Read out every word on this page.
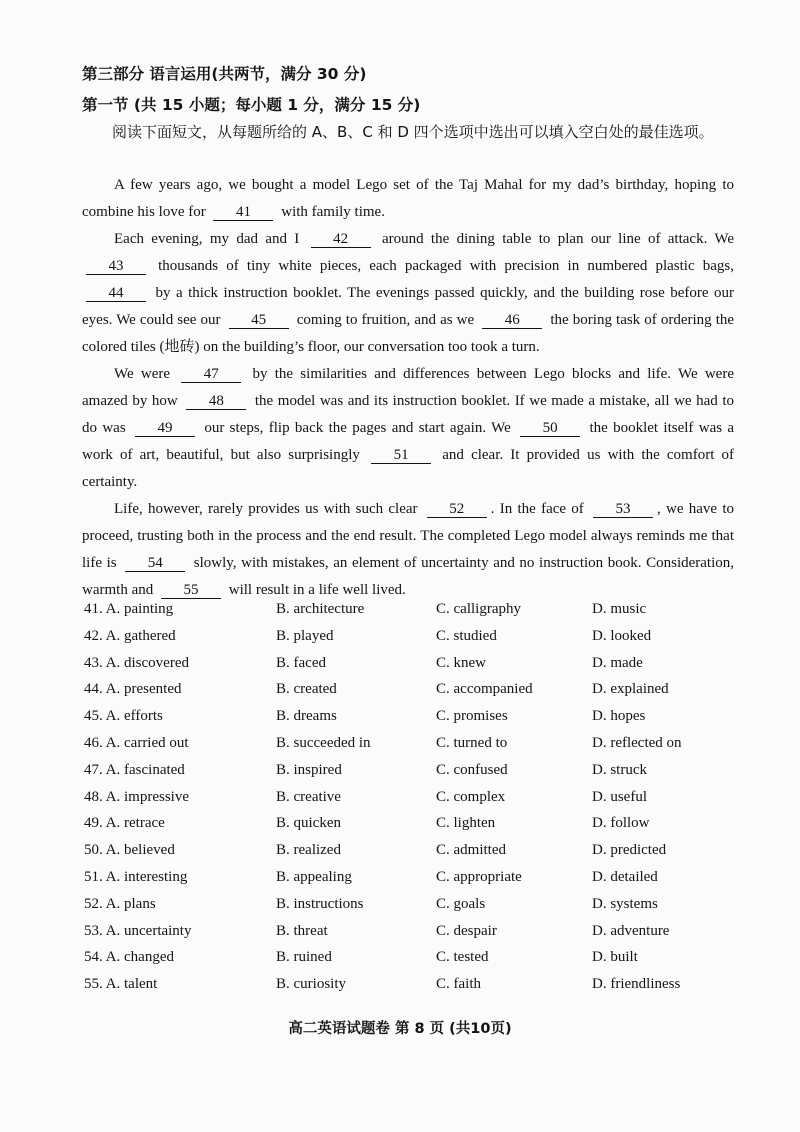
第三部分 语言运用(共两节，满分 30 分)
第一节 (共 15 小题；每小题 1 分，满分 15 分)
阅读下面短文，从每题所给的 A、B、C 和 D 四个选项中选出可以填入空白处的最佳选项。

A few years ago, we bought a model Lego set of the Taj Mahal for my dad’s birthday, hoping to combine his love for 41 with family time.

Each evening, my dad and I 42 around the dining table to plan our line of attack. We 43 thousands of tiny white pieces, each packaged with precision in numbered plastic bags, 44 by a thick instruction booklet. The evenings passed quickly, and the building rose before our eyes. We could see our 45 coming to fruition, and as we 46 the boring task of ordering the colored tiles (地砖) on the building’s floor, our conversation too took a turn.

We were 47 by the similarities and differences between Lego blocks and life. We were amazed by how 48 the model was and its instruction booklet. If we made a mistake, all we had to do was 49 our steps, flip back the pages and start again. We 50 the booklet itself was a work of art, beautiful, but also surprisingly 51 and clear. It provided us with the comfort of certainty.

Life, however, rarely provides us with such clear 52 . In the face of 53 , we have to proceed, trusting both in the process and the end result. The completed Lego model always reminds me that life is 54 slowly, with mistakes, an element of uncertainty and no instruction book. Consideration, warmth and 55 will result in a life well lived.

41. A. painting	B. architecture	C. calligraphy	D. music
42. A. gathered	B. played	C. studied	D. looked
43. A. discovered	B. faced	C. knew	D. made
44. A. presented	B. created	C. accompanied	D. explained
45. A. efforts	B. dreams	C. promises	D. hopes
46. A. carried out	B. succeeded in	C. turned to	D. reflected on
47. A. fascinated	B. inspired	C. confused	D. struck
48. A. impressive	B. creative	C. complex	D. useful
49. A. retrace	B. quicken	C. lighten	D. follow
50. A. believed	B. realized	C. admitted	D. predicted
51. A. interesting	B. appealing	C. appropriate	D. detailed
52. A. plans	B. instructions	C. goals	D. systems
53. A. uncertainty	B. threat	C. despair	D. adventure
54. A. changed	B. ruined	C. tested	D. built
55. A. talent	B. curiosity	C. faith	D. friendliness
高二英语试题卷 第 8 页 (共10页)
